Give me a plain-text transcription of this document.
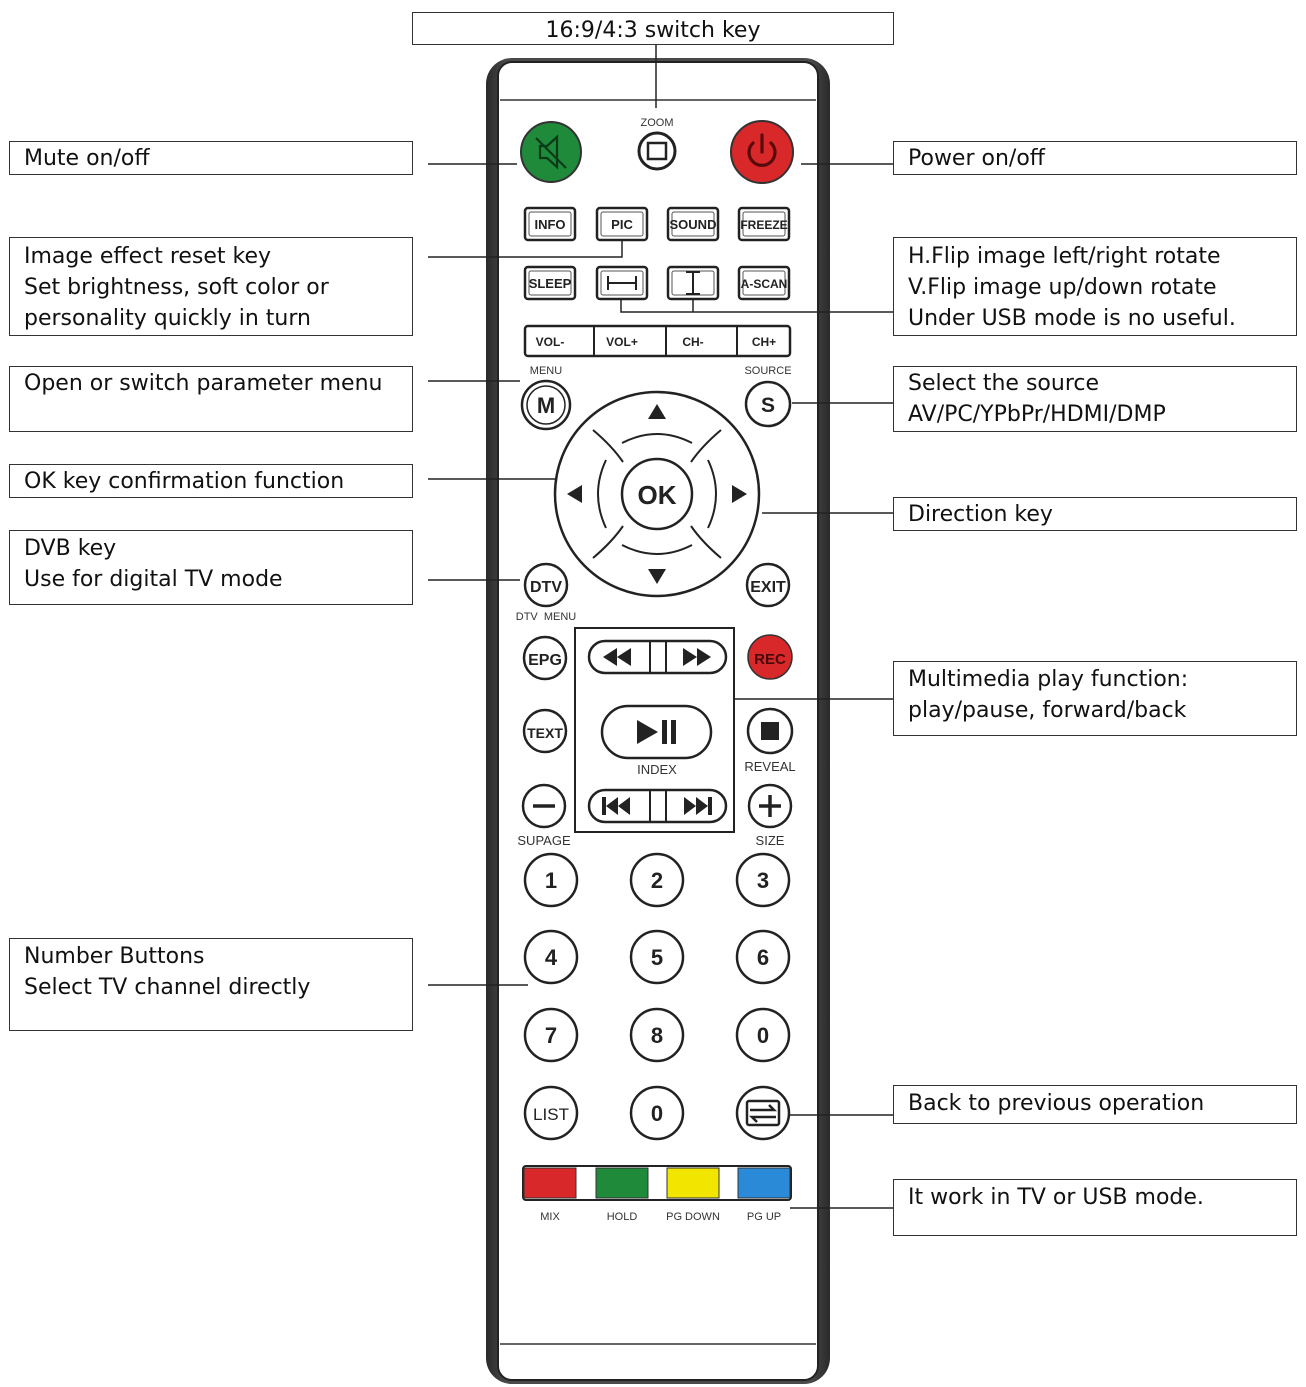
ZOOM
INFO	PIC	SOUND FREEZE
SLEEP	A-SCAN
VOL-	VOL+	CH-	CH+
MENU
M
SOURCE
S
OK
DTV	EXIT
DTV  MENU
EPG	REC
TEXT
INDEX	REVEAL
SUPAGE	SIZE
1	2	3
4	5	6
7	8	0
LIST	0
MIX	HOLD	PG DOWN PG UP
16:9/4:3 switch key
Mute on/off	Power on/off
Image effect reset key
Set brightness, soft color or
personality quickly in turn
H.Flip image left/right rotate
V.Flip image up/down rotate
Under USB mode is no useful.
Open or switch parameter menu	Select the source
AV/PC/YPbPr/HDMI/DMP
OK key confirmation function
Direction key
DVB key
Use for digital TV mode
Multimedia play function:
play/pause, forward/back
Number Buttons
Select TV channel directly
Back to previous operation
It work in TV or USB mode.
